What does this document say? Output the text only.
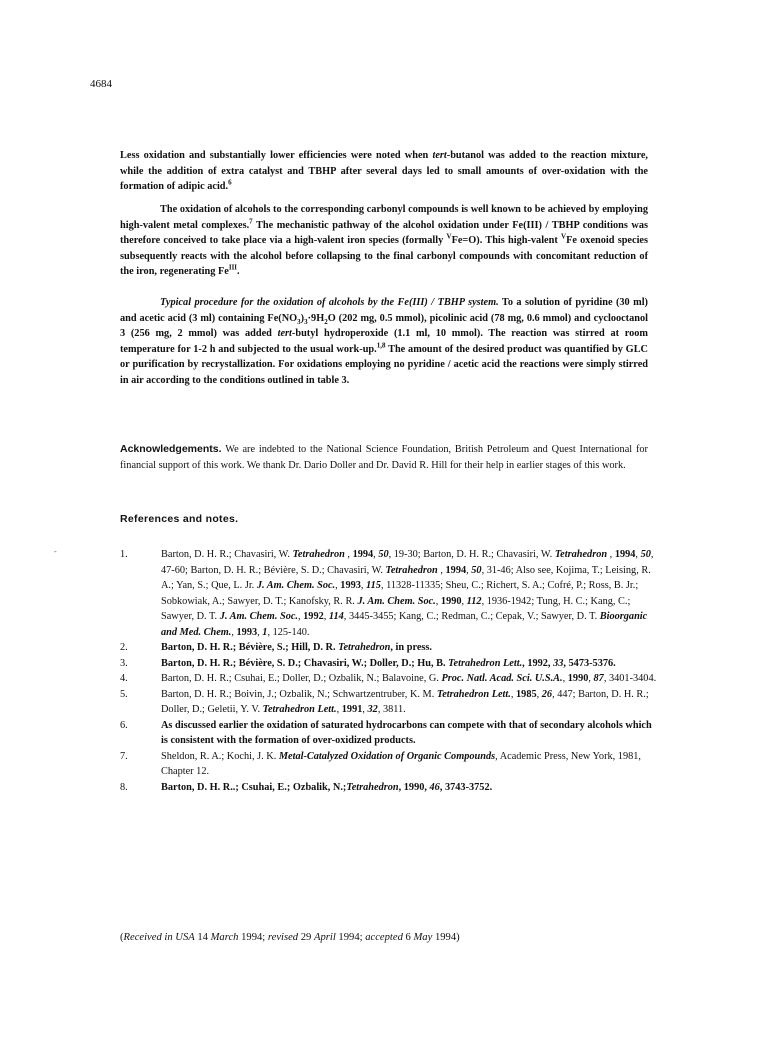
4684

Less oxidation and substantially lower efficiencies were noted when tert-butanol was added to the reaction mixture, while the addition of extra catalyst and TBHP after several days led to small amounts of over-oxidation with the formation of adipic acid.$^6$

The oxidation of alcohols to the corresponding carbonyl compounds is well known to be achieved by employing high-valent metal complexes.$^7$ The mechanistic pathway of the alcohol oxidation under Fe(III) / TBHP conditions was therefore conceived to take place via a high-valent iron species (formally $^V$Fe=O). This high-valent $^V$Fe oxenoid species subsequently reacts with the alcohol before collapsing to the final carbonyl compounds with concomitant reduction of the iron, regenerating $Fe^{III}$.

Typical procedure for the oxidation of alcohols by the Fe(III) / TBHP system. To a solution of pyridine (30 ml) and acetic acid (3 ml) containing $Fe(NO_3)_3\cdot 9H_2O$ (202 mg, 0.5 mmol), picolinic acid (78 mg, 0.6 mmol) and cyclooctanol 3 (256 mg, 2 mmol) was added tert-butyl hydroperoxide (1.1 ml, 10 mmol). The reaction was stirred at room temperature for 1-2 h and subjected to the usual work-up.$^{1,8}$ The amount of the desired product was quantified by GLC or purification by recrystallization. For oxidations employing no pyridine / acetic acid the reactions were simply stirred in air according to the conditions outlined in table 3.

Acknowledgements. We are indebted to the National Science Foundation, British Petroleum and Quest International for financial support of this work. We thank Dr. Dario Doller and Dr. David R. Hill for their help in earlier stages of this work.

References and notes.
-	1.	Barton, D. H. R.; Chavasiri, W. Tetrahedron , 1994, 50, 19-30; Barton, D. H. R.; Chavasiri, W. Tetrahedron , 1994, 50, 47-60; Barton, D. H. R.; Bévière, S. D.; Chavasiri, W. Tetrahedron , 1994, 50, 31-46; Also see, Kojima, T.; Leising, R. A.; Yan, S.; Que, L. Jr. J. Am. Chem. Soc., 1993, 115, 11328-11335; Sheu, C.; Richert, S. A.; Cofré, P.; Ross, B. Jr.; Sobkowiak, A.; Sawyer, D. T.; Kanofsky, R. R. J. Am. Chem. Soc., 1990, 112, 1936-1942; Tung, H. C.; Kang, C.; Sawyer, D. T. J. Am. Chem. Soc., 1992, 114, 3445-3455; Kang, C.; Redman, C.; Cepak, V.; Sawyer, D. T. Bioorganic and Med. Chem., 1993, 1, 125-140.
2.	Barton, D. H. R.; Bévière, S.; Hill, D. R. Tetrahedron, in press.
3.	Barton, D. H. R.; Bévière, S. D.; Chavasiri, W.; Doller, D.; Hu, B. Tetrahedron Lett., 1992, 33, 5473-5376.
4.	Barton, D. H. R.; Csuhai, E.; Doller, D.; Ozbalik, N.; Balavoine, G. Proc. Natl. Acad. Sci. U.S.A., 1990, 87, 3401-3404.
5.	Barton, D. H. R.; Boivin, J.; Ozbalik, N.; Schwartzentruber, K. M. Tetrahedron Lett., 1985, 26, 447; Barton, D. H. R.; Doller, D.; Geletii, Y. V. Tetrahedron Lett., 1991, 32, 3811.
6.	As discussed earlier the oxidation of saturated hydrocarbons can compete with that of secondary alcohols which is consistent with the formation of over-oxidized products.
7.	Sheldon, R. A.; Kochi, J. K. Metal-Catalyzed Oxidation of Organic Compounds, Academic Press, New York, 1981, Chapter 12.
8.	Barton, D. H. R..; Csuhai, E.; Ozbalik, N.;Tetrahedron, 1990, 46, 3743-3752.
(Received in USA 14 March 1994; revised 29 April 1994; accepted 6 May 1994)
